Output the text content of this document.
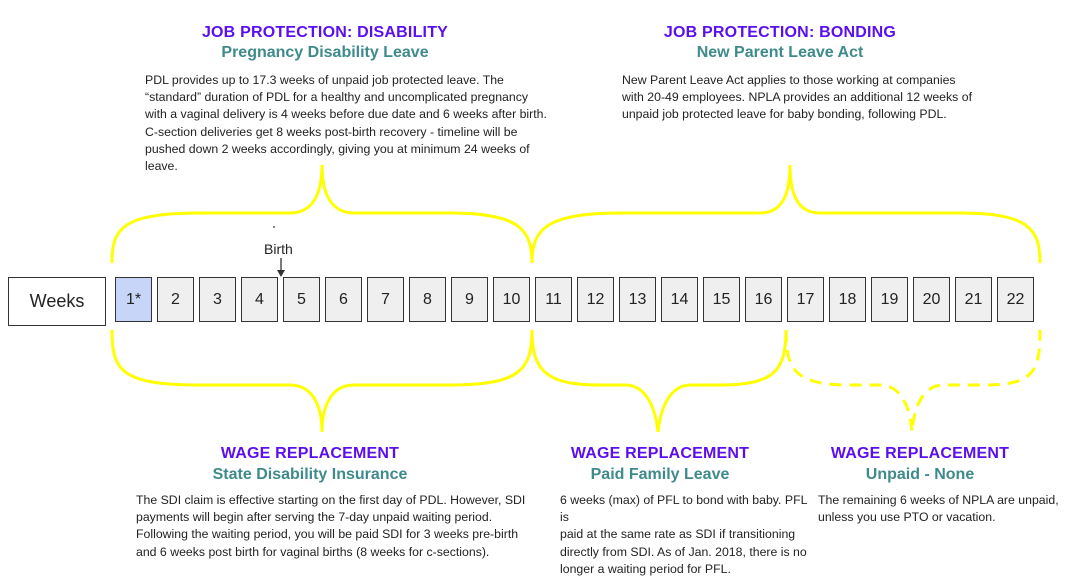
JOB PROTECTION: DISABILITY
Pregnancy Disability Leave
PDL provides up to 17.3 weeks of unpaid job protected leave. The
“standard” duration of PDL for a healthy and uncomplicated pregnancy
with a vaginal delivery is 4 weeks before due date and 6 weeks after birth.
C-section deliveries get 8 weeks post-birth recovery - timeline will be
pushed down 2 weeks accordingly, giving you at minimum 24 weeks of
leave.
JOB PROTECTION: BONDING
New Parent Leave Act
New Parent Leave Act applies to those working at companies
with 20-49 employees. NPLA provides an additional 12 weeks of
unpaid job protected leave for baby bonding, following PDL.
Birth
Weeks	1*	2	3	4	5	6	7	8	9	10	11	12	13	14	15	16	17	18	19	20	21	22
WAGE REPLACEMENT
State Disability Insurance
The SDI claim is effective starting on the first day of PDL. However, SDI
payments will begin after serving the 7-day unpaid waiting period.
Following the waiting period, you will be paid SDI for 3 weeks pre-birth
and 6 weeks post birth for vaginal births (8 weeks for c-sections).
WAGE REPLACEMENT
Paid Family Leave
6 weeks (max) of PFL to bond with baby. PFL is
paid at the same rate as SDI if transitioning
directly from SDI. As of Jan. 2018, there is no
longer a waiting period for PFL.
WAGE REPLACEMENT
Unpaid - None
The remaining 6 weeks of NPLA are unpaid,
unless you use PTO or vacation.
